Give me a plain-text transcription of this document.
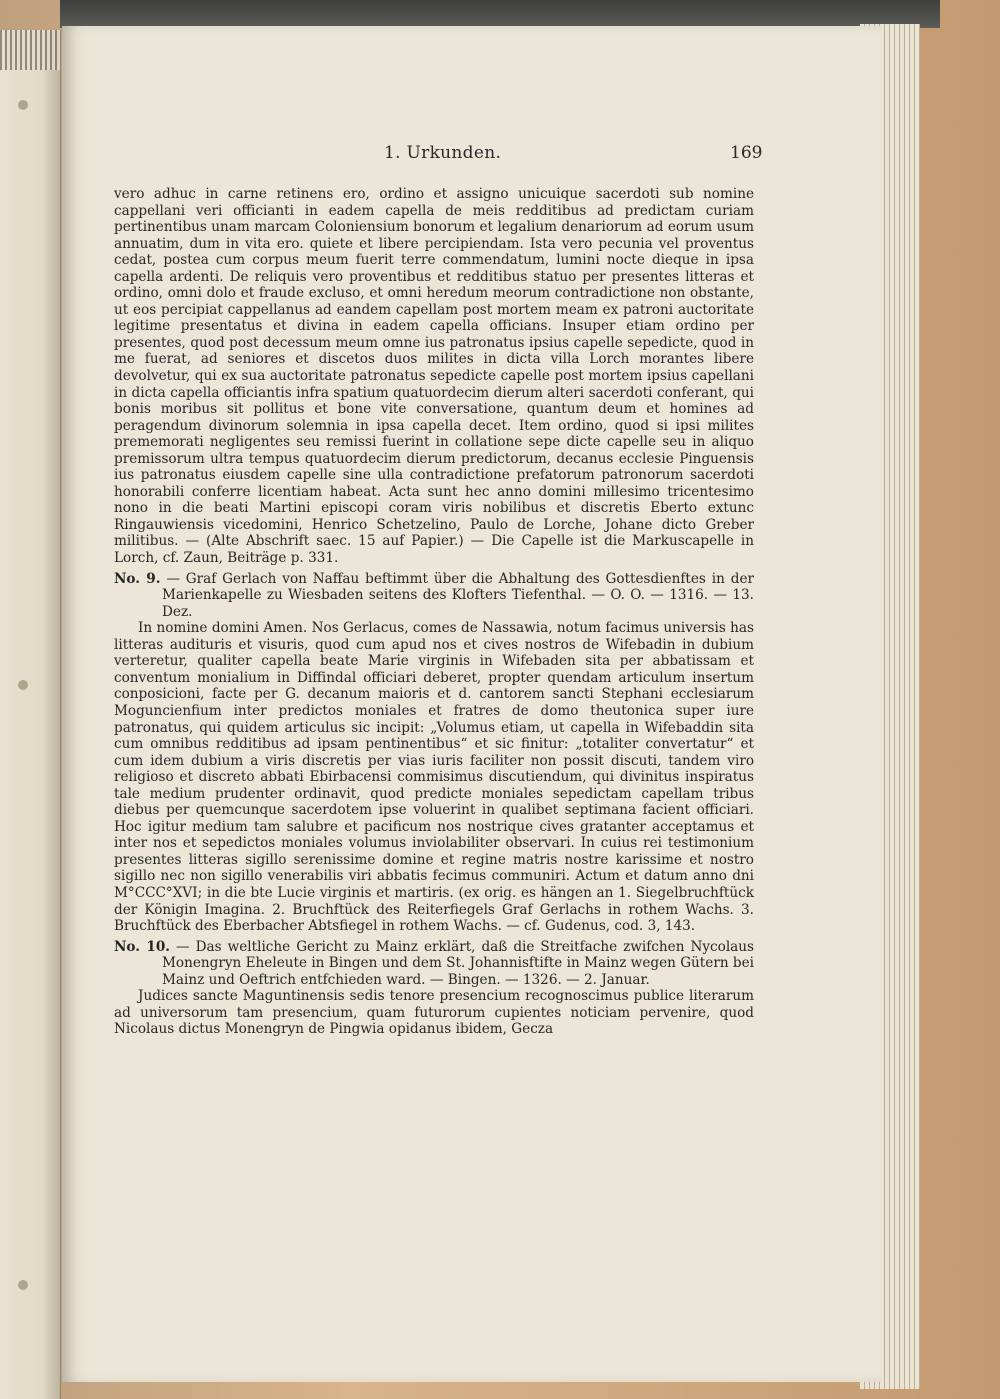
1. Urkunden.	169

vero adhuc in carne retinens ero, ordino et assigno unicuique sacerdoti sub nomine cappellani veri officianti in eadem capella de meis redditibus ad predictam curiam pertinentibus unam marcam Coloniensium bonorum et legalium denariorum ad eorum usum annuatim, dum in vita ero. quiete et libere percipiendam. Ista vero pecunia vel proventus cedat, postea cum corpus meum fuerit terre commendatum, lumini nocte dieque in ipsa capella ardenti. De reliquis vero proventibus et redditibus statuo per presentes litteras et ordino, omni dolo et fraude excluso, et omni heredum meorum contradictione non obstante, ut eos percipiat cappellanus ad eandem capellam post mortem meam ex patroni auctoritate legitime presentatus et divina in eadem capella officians. Insuper etiam ordino per presentes, quod post decessum meum omne ius patronatus ipsius capelle sepedicte, quod in me fuerat, ad seniores et discetos duos milites in dicta villa Lorch morantes libere devolvetur, qui ex sua auctoritate patronatus sepedicte capelle post mortem ipsius capellani in dicta capella officiantis infra spatium quatuordecim dierum alteri sacerdoti conferant, qui bonis moribus sit pollitus et bone vite conversatione, quantum deum et homines ad peragendum divinorum solemnia in ipsa capella decet. Item ordino, quod si ipsi milites prememorati negligentes seu remissi fuerint in collatione sepe dicte capelle seu in aliquo premissorum ultra tempus quatuordecim dierum predictorum, decanus ecclesie Pinguensis ius patronatus eiusdem capelle sine ulla contradictione prefatorum patronorum sacerdoti honorabili conferre licentiam habeat. Acta sunt hec anno domini millesimo tricentesimo nono in die beati Martini episcopi coram viris nobilibus et discretis Eberto extunc Ringauwiensis vicedomini, Henrico Schetzelino, Paulo de Lorche, Johane dicto Greber militibus. — (Alte Abschrift saec. 15 auf Papier.) — Die Capelle ist die Markuscapelle in Lorch, cf. Zaun, Beiträge p. 331.

No. 9. — Graf Gerlach von Naffau beftimmt über die Abhaltung des Gottesdienftes in der Marienkapelle zu Wiesbaden seitens des Klofters Tiefenthal. — O. O. — 1316. — 13. Dez.

In nomine domini Amen. Nos Gerlacus, comes de Nassawia, notum facimus universis has litteras audituris et visuris, quod cum apud nos et cives nostros de Wifebadin in dubium verteretur, qualiter capella beate Marie virginis in Wifebaden sita per abbatissam et conventum monialium in Diffindal officiari deberet, propter quendam articulum insertum conposicioni, facte per G. decanum maioris et d. cantorem sancti Stephani ecclesiarum Moguncienfium inter predictos moniales et fratres de domo theutonica super iure patronatus, qui quidem articulus sic incipit: „Volumus etiam, ut capella in Wifebaddin sita cum omnibus redditibus ad ipsam pentinentibus“ et sic finitur: „totaliter convertatur“ et cum idem dubium a viris discretis per vias iuris faciliter non possit discuti, tandem viro religioso et discreto abbati Ebirbacensi commisimus discutiendum, qui divinitus inspiratus tale medium prudenter ordinavit, quod predicte moniales sepedictam capellam tribus diebus per quemcunque sacerdotem ipse voluerint in qualibet septimana facient officiari. Hoc igitur medium tam salubre et pacificum nos nostrique cives gratanter acceptamus et inter nos et sepedictos moniales volumus inviolabiliter observari. In cuius rei testimonium presentes litteras sigillo serenissime domine et regine matris nostre karissime et nostro sigillo nec non sigillo venerabilis viri abbatis fecimus communiri. Actum et datum anno dni M°CCC°XVI; in die bte Lucie virginis et martiris. (ex orig. es hängen an 1. Siegelbruchftück der Königin Imagina. 2. Bruchftück des Reiterfiegels Graf Gerlachs in rothem Wachs. 3. Bruchftück des Eberbacher Abtsfiegel in rothem Wachs. — cf. Gudenus, cod. 3, 143.

No. 10. — Das weltliche Gericht zu Mainz erklärt, daß die Streitfache zwifchen Nycolaus Monengryn Eheleute in Bingen und dem St. Johannisftifte in Mainz wegen Gütern bei Mainz und Oeftrich entfchieden ward. — Bingen. — 1326. — 2. Januar.

Judices sancte Maguntinensis sedis tenore presencium recognoscimus publice literarum ad universorum tam presencium, quam futurorum cupientes noticiam pervenire, quod Nicolaus dictus Monengryn de Pingwia opidanus ibidem, Gecza
